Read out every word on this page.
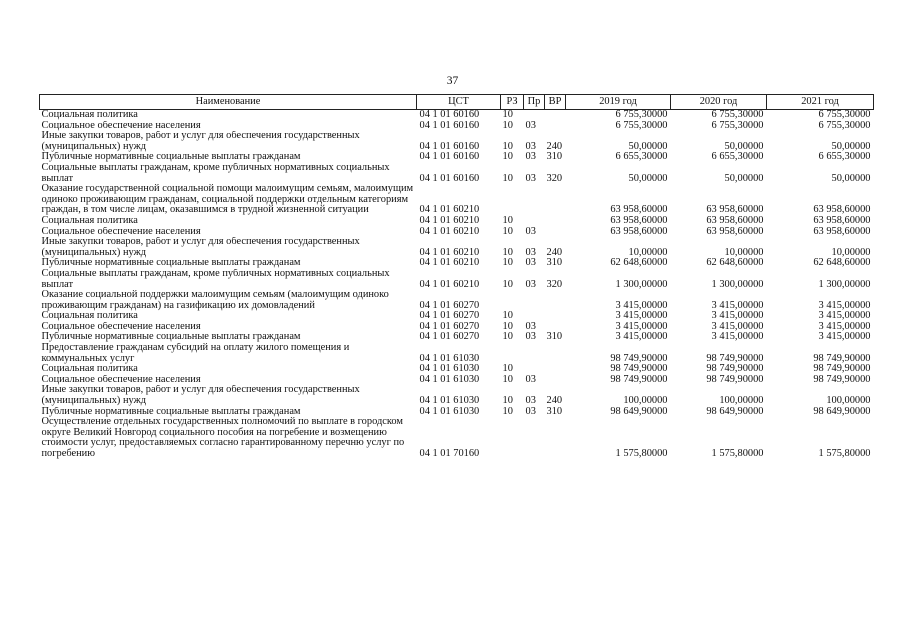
37
Наименование	ЦСТ	РЗ	Пр	ВР	2019 год	2020 год	2021 год
Социальная политика	04 1 01 60160	10			6 755,30000	6 755,30000	6 755,30000
Социальное обеспечение населения	04 1 01 60160	10	03		6 755,30000	6 755,30000	6 755,30000
Иные закупки товаров, работ и услуг для обеспечения государственных (муниципальных) нужд	04 1 01 60160	10	03	240	50,00000	50,00000	50,00000
Публичные нормативные социальные выплаты гражданам	04 1 01 60160	10	03	310	6 655,30000	6 655,30000	6 655,30000
Социальные выплаты гражданам, кроме публичных нормативных социальных выплат	04 1 01 60160	10	03	320	50,00000	50,00000	50,00000
Оказание государственной социальной помощи малоимущим семьям, малоимущим одиноко проживающим гражданам, социальной поддержки отдельным категориям граждан, в том числе лицам, оказавшимся в трудной жизненной ситуации	04 1 01 60210				63 958,60000	63 958,60000	63 958,60000
Социальная политика	04 1 01 60210	10			63 958,60000	63 958,60000	63 958,60000
Социальное обеспечение населения	04 1 01 60210	10	03		63 958,60000	63 958,60000	63 958,60000
Иные закупки товаров, работ и услуг для обеспечения государственных (муниципальных) нужд	04 1 01 60210	10	03	240	10,00000	10,00000	10,00000
Публичные нормативные социальные выплаты гражданам	04 1 01 60210	10	03	310	62 648,60000	62 648,60000	62 648,60000
Социальные выплаты гражданам, кроме публичных нормативных социальных выплат	04 1 01 60210	10	03	320	1 300,00000	1 300,00000	1 300,00000
Оказание социальной поддержки малоимущим семьям (малоимущим одиноко проживающим гражданам) на газификацию их домовладений	04 1 01 60270				3 415,00000	3 415,00000	3 415,00000
Социальная политика	04 1 01 60270	10			3 415,00000	3 415,00000	3 415,00000
Социальное обеспечение населения	04 1 01 60270	10	03		3 415,00000	3 415,00000	3 415,00000
Публичные нормативные социальные выплаты гражданам	04 1 01 60270	10	03	310	3 415,00000	3 415,00000	3 415,00000
Предоставление гражданам субсидий на оплату жилого помещения и коммунальных услуг	04 1 01 61030				98 749,90000	98 749,90000	98 749,90000
Социальная политика	04 1 01 61030	10			98 749,90000	98 749,90000	98 749,90000
Социальное обеспечение населения	04 1 01 61030	10	03		98 749,90000	98 749,90000	98 749,90000
Иные закупки товаров, работ и услуг для обеспечения государственных (муниципальных) нужд	04 1 01 61030	10	03	240	100,00000	100,00000	100,00000
Публичные нормативные социальные выплаты гражданам	04 1 01 61030	10	03	310	98 649,90000	98 649,90000	98 649,90000
Осуществление отдельных государственных полномочий по выплате в городском округе Великий Новгород социального пособия на погребение и возмещению стоимости услуг, предоставляемых согласно гарантированному перечню услуг по погребению	04 1 01 70160				1 575,80000	1 575,80000	1 575,80000
